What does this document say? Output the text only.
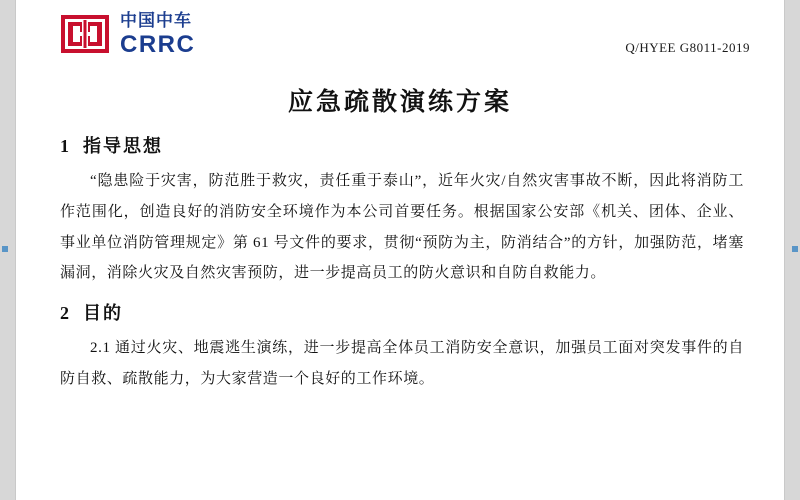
中国中车
CRRC	Q/HYEE G8011-2019
应急疏散演练方案
1 指导思想

“隐患险于灾害，防范胜于救灾，责任重于泰山”，近年火灾/自然灾害事故不断，因此将消防工作范围化，创造良好的消防安全环境作为本公司首要任务。根据国家公安部《机关、团体、企业、事业单位消防管理规定》第 61 号文件的要求，贯彻“预防为主，防消结合”的方针，加强防范，堵塞漏洞，消除火灾及自然灾害预防，进一步提高员工的防火意识和自防自救能力。

2 目的

2.1 通过火灾、地震逃生演练，进一步提高全体员工消防安全意识，加强员工面对突发事件的自防自救、疏散能力，为大家营造一个良好的工作环境。
